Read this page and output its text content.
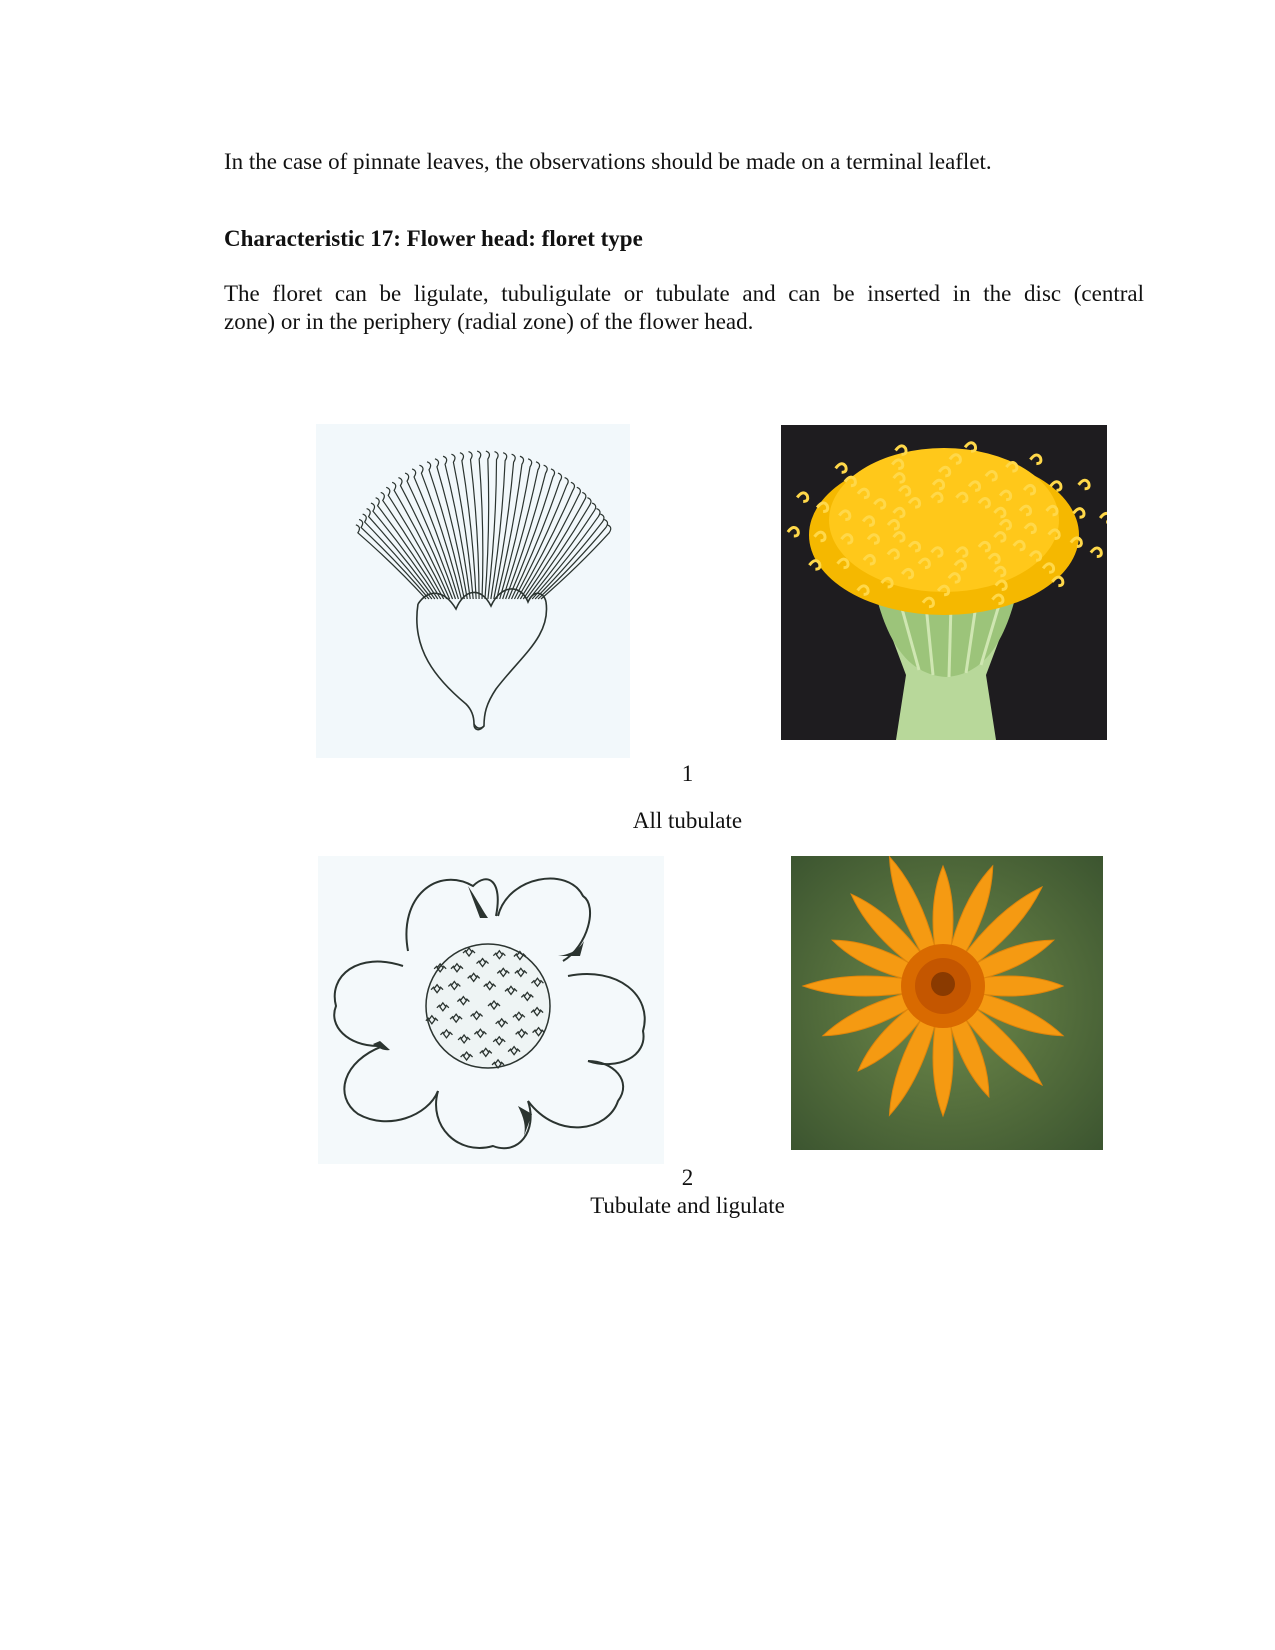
In the case of pinnate leaves, the observations should be made on a terminal leaflet.

Characteristic 17: Flower head: floret type

The floret can be ligulate, tubuligulate or tubulate and can be inserted in the disc (central
zone) or in the periphery (radial zone) of the flower head.
1
All tubulate
2
Tubulate and ligulate
